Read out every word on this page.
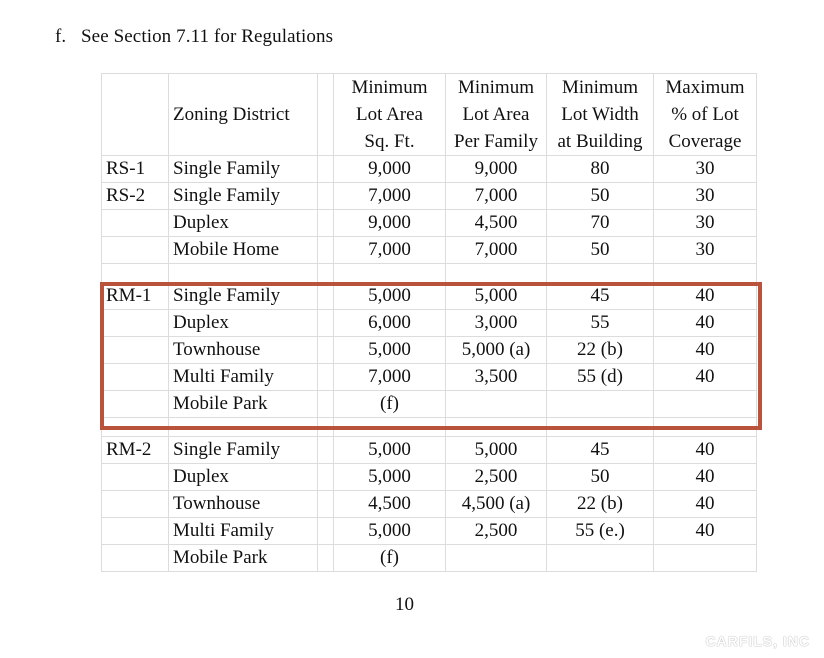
f. See Section 7.11 for Regulations
	Zoning District		Minimum
Lot Area
Sq. Ft.	Minimum
Lot Area
Per Family	Minimum
Lot Width
at Building	Maximum
% of Lot
Coverage

RS-1	Single Family		9,000	9,000	80	30
RS-2	Single Family		7,000	7,000	50	30
	Duplex		9,000	4,500	70	30
	Mobile Home		7,000	7,000	50	30

RM-1	Single Family		5,000	5,000	45	40
	Duplex		6,000	3,000	55	40
	Townhouse		5,000	5,000 (a)	22 (b)	40
	Multi Family		7,000	3,500	55 (d)	40
	Mobile Park		(f)			

RM-2	Single Family		5,000	5,000	45	40
	Duplex		5,000	2,500	50	40
	Townhouse		4,500	4,500 (a)	22 (b)	40
	Multi Family		5,000	2,500	55 (e.)	40
	Mobile Park		(f)			
10
CARFILS, INC
